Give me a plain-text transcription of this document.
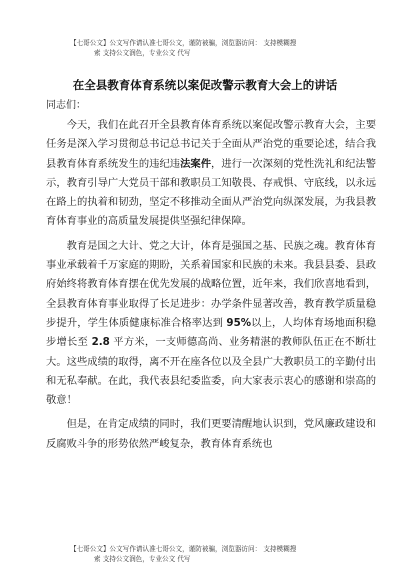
【七哥公文】公文写作请认准七哥公文，谨防被骗，浏览器访问： 支持模糊搜
索 支持公文润色，专业公文 代写
在全县教育体育系统以案促改警示教育大会上的讲话
同志们：

今天，我们在此召开全县教育体育系统以案促改警示教育大会，主要任务是深入学习贯彻总书记总书记关于全面从严治党的重要论述，结合我县教育体育系统发生的违纪违法案件，进行一次深刻的党性洗礼和纪法警示，教育引导广大党员干部和教职员工知敬畏、存戒惧、守底线，以永远在路上的执着和韧劲，坚定不移推动全面从严治党向纵深发展，为我县教育体育事业的高质量发展提供坚强纪律保障。

教育是国之大计、党之大计，体育是强国之基、民族之魂。教育体育事业承载着千万家庭的期盼，关系着国家和民族的未来。我县县委、县政府始终将教育体育摆在优先发展的战略位置，近年来，我们欣喜地看到，全县教育体育事业取得了长足进步：办学条件显著改善，教育教学质量稳步提升，学生体质健康标准合格率达到 95%以上，人均体育场地面积稳步增长至 2.8 平方米，一支师德高尚、业务精湛的教师队伍正在不断壮大。这些成绩的取得，离不开在座各位以及全县广大教职员工的辛勤付出和无私奉献。在此，我代表县纪委监委，向大家表示衷心的感谢和崇高的敬意！

但是，在肯定成绩的同时，我们更要清醒地认识到，党风廉政建设和反腐败斗争的形势依然严峻复杂，教育体育系统也

【七哥公文】公文写作请认准七哥公文，谨防被骗，浏览器访问： 支持模糊搜
索 支持公文润色，专业公文 代写
